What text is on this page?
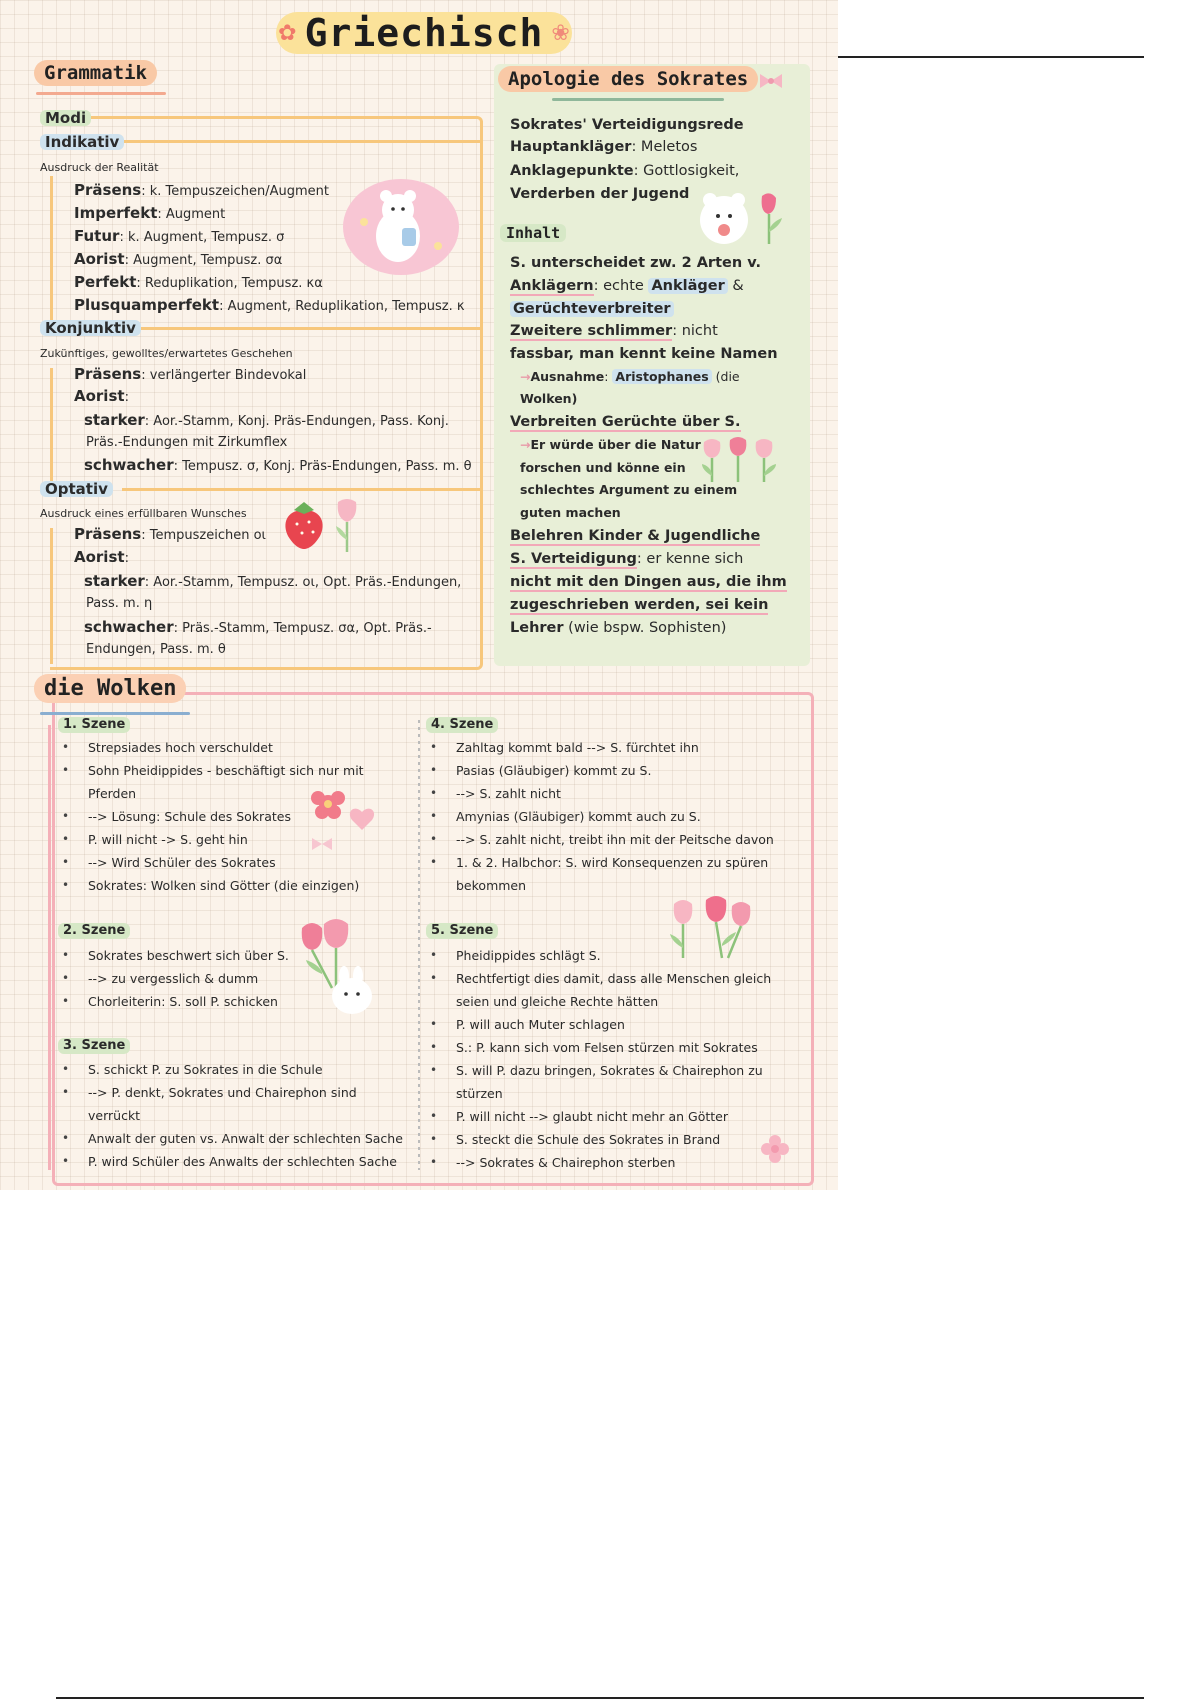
✿ Griechisch ❀
Grammatik
Modi
Indikativ
Ausdruck der Realität
Präsens: k. Tempuszeichen/Augment
Imperfekt: Augment
Futur: k. Augment, Tempusz. σ
Aorist: Augment, Tempusz. σα
Perfekt: Reduplikation, Tempusz. κα
Plusquamperfekt: Augment, Reduplikation, Tempusz. κ
Konjunktiv
Zukünftiges, gewolltes/erwartetes Geschehen
Präsens: verlängerter Bindevokal
Aorist:
starker: Aor.-Stamm, Konj. Präs-Endungen, Pass. Konj.
Präs.-Endungen mit Zirkumflex
schwacher: Tempusz. σ, Konj. Präs-Endungen, Pass. m. θ
Optativ
Ausdruck eines erfüllbaren Wunsches
Präsens: Tempuszeichen οι
Aorist:
starker: Aor.-Stamm, Tempusz. οι, Opt. Präs.-Endungen,
Pass. m. η
schwacher: Präs.-Stamm, Tempusz. σα, Opt. Präs.-
Endungen, Pass. m. θ
Apologie des Sokrates
Sokrates' Verteidigungsrede
Hauptankläger: Meletos
Anklagepunkte: Gottlosigkeit,
Verderben der Jugend
Inhalt
S. unterscheidet zw. 2 Arten v.
Anklägern: echte Ankläger &
Gerüchteverbreiter
Zweitere schlimmer: nicht
fassbar, man kennt keine Namen
→Ausnahme: Aristophanes (die
Wolken)
Verbreiten Gerüchte über S.
→Er würde über die Natur
forschen und könne ein
schlechtes Argument zu einem
guten machen
Belehren Kinder & Jugendliche
S. Verteidigung: er kenne sich
nicht mit den Dingen aus, die ihm
zugeschrieben werden, sei kein
Lehrer (wie bspw. Sophisten)
die Wolken
1. Szene
• Strepsiades hoch verschuldet
• Sohn Pheidippides - beschäftigt sich nur mit
Pferden
• --> Lösung: Schule des Sokrates
• P. will nicht -> S. geht hin
• --> Wird Schüler des Sokrates
• Sokrates: Wolken sind Götter (die einzigen)
2. Szene
• Sokrates beschwert sich über S.
• --> zu vergesslich & dumm
• Chorleiterin: S. soll P. schicken
3. Szene
• S. schickt P. zu Sokrates in die Schule
• --> P. denkt, Sokrates und Chairephon sind
verrückt
• Anwalt der guten vs. Anwalt der schlechten Sache
• P. wird Schüler des Anwalts der schlechten Sache
4. Szene
• Zahltag kommt bald --> S. fürchtet ihn
• Pasias (Gläubiger) kommt zu S.
• --> S. zahlt nicht
• Amynias (Gläubiger) kommt auch zu S.
• --> S. zahlt nicht, treibt ihn mit der Peitsche davon
• 1. & 2. Halbchor: S. wird Konsequenzen zu spüren
bekommen
5. Szene
• Pheidippides schlägt S.
• Rechtfertigt dies damit, dass alle Menschen gleich
seien und gleiche Rechte hätten
• P. will auch Muter schlagen
• S.: P. kann sich vom Felsen stürzen mit Sokrates
• S. will P. dazu bringen, Sokrates & Chairephon zu
stürzen
• P. will nicht --> glaubt nicht mehr an Götter
• S. steckt die Schule des Sokrates in Brand
• --> Sokrates & Chairephon sterben
